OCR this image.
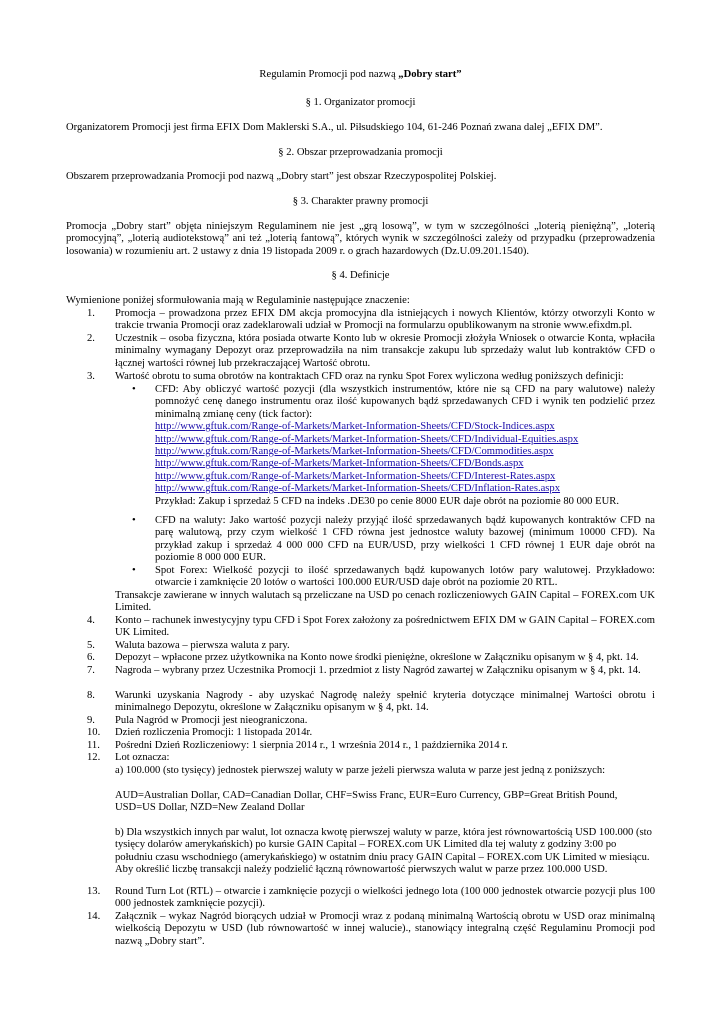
Regulamin Promocji pod nazwą „Dobry start”
§ 1. Organizator promocji
Organizatorem Promocji jest firma EFIX Dom Maklerski S.A., ul. Piłsudskiego 104, 61-246 Poznań zwana dalej „EFIX DM”.
§ 2. Obszar przeprowadzania promocji
Obszarem przeprowadzania Promocji pod nazwą „Dobry start” jest obszar Rzeczypospolitej Polskiej.
§ 3. Charakter prawny promocji
Promocja „Dobry start” objęta niniejszym Regulaminem nie jest „grą losową”, w tym w szczególności „loterią pieniężną”, „loterią promocyjną”, „loterią audiotekstową” ani też „loterią fantową”, których wynik w szczególności zależy od przypadku (przeprowadzenia losowania) w rozumieniu art. 2 ustawy z dnia 19 listopada 2009 r. o grach hazardowych (Dz.U.09.201.1540).
§ 4. Definicje
Wymienione poniżej sformułowania mają w Regulaminie następujące znaczenie:
1.	Promocja – prowadzona przez EFIX DM akcja promocyjna dla istniejących i nowych Klientów, którzy otworzyli Konto w trakcie trwania Promocji oraz zadeklarowali udział w Promocji na formularzu opublikowanym na stronie www.efixdm.pl.
2.	Uczestnik – osoba fizyczna, która posiada otwarte Konto lub w okresie Promocji złożyła Wniosek o otwarcie Konta, wpłaciła minimalny wymagany Depozyt oraz przeprowadziła na nim transakcje zakupu lub sprzedaży walut lub kontraktów CFD o łącznej wartości równej lub przekraczającej Wartość obrotu.
3.	Wartość obrotu to suma obrotów na kontraktach CFD oraz na rynku Spot Forex wyliczona według poniższych definicji:
•	CFD: Aby obliczyć wartość pozycji (dla wszystkich instrumentów, które nie są CFD na pary walutowe) należy pomnożyć cenę danego instrumentu oraz ilość kupowanych bądź sprzedawanych CFD i wynik ten podzielić przez minimalną zmianę ceny (tick factor):
http://www.gftuk.com/Range-of-Markets/Market-Information-Sheets/CFD/Stock-Indices.aspx
http://www.gftuk.com/Range-of-Markets/Market-Information-Sheets/CFD/Individual-Equities.aspx
http://www.gftuk.com/Range-of-Markets/Market-Information-Sheets/CFD/Commodities.aspx
http://www.gftuk.com/Range-of-Markets/Market-Information-Sheets/CFD/Bonds.aspx
http://www.gftuk.com/Range-of-Markets/Market-Information-Sheets/CFD/Interest-Rates.aspx
http://www.gftuk.com/Range-of-Markets/Market-Information-Sheets/CFD/Inflation-Rates.aspx
Przykład: Zakup i sprzedaż 5 CFD na indeks .DE30 po cenie 8000 EUR daje obrót na poziomie 80 000 EUR.
•	CFD na waluty: Jako wartość pozycji należy przyjąć ilość sprzedawanych bądź kupowanych kontraktów CFD na parę walutową, przy czym wielkość 1 CFD równa jest jednostce waluty bazowej (minimum 10000 CFD). Na przykład zakup i sprzedaż 4 000 000 CFD na EUR/USD, przy wielkości 1 CFD równej 1 EUR daje obrót na poziomie 8 000 000 EUR.
•	Spot Forex: Wielkość pozycji to ilość sprzedawanych bądź kupowanych lotów pary walutowej. Przykładowo: otwarcie i zamknięcie 20 lotów o wartości 100.000 EUR/USD daje obrót na poziomie 20 RTL.
Transakcje zawierane w innych walutach są przeliczane na USD po cenach rozliczeniowych GAIN Capital – FOREX.com UK Limited.
4.	Konto – rachunek inwestycyjny typu CFD i Spot Forex założony za pośrednictwem EFIX DM w GAIN Capital – FOREX.com UK Limited.
5.	Waluta bazowa – pierwsza waluta z pary.
6.	Depozyt – wpłacone przez użytkownika na Konto nowe środki pieniężne, określone w Załączniku opisanym w § 4, pkt. 14.
7.	Nagroda – wybrany przez Uczestnika Promocji 1. przedmiot z listy Nagród zawartej w Załączniku opisanym w § 4, pkt. 14.
8.	Warunki uzyskania Nagrody - aby uzyskać Nagrodę należy spełnić kryteria dotyczące minimalnej Wartości obrotu i minimalnego Depozytu, określone w Załączniku opisanym w § 4, pkt. 14.
9.	Pula Nagród w Promocji jest nieograniczona.
10.	Dzień rozliczenia Promocji: 1 listopada 2014r.
11.	Pośredni Dzień Rozliczeniowy: 1 sierpnia 2014 r., 1 września 2014 r., 1 października 2014 r.
12.	Lot oznacza:
a) 100.000 (sto tysięcy) jednostek pierwszej waluty w parze jeżeli pierwsza waluta w parze jest jedną z poniższych:
AUD=Australian Dollar, CAD=Canadian Dollar, CHF=Swiss Franc, EUR=Euro Currency, GBP=Great British Pound, USD=US Dollar, NZD=New Zealand Dollar
b) Dla wszystkich innych par walut, lot oznacza kwotę pierwszej waluty w parze, która jest równowartością USD 100.000 (sto tysięcy dolarów amerykańskich) po kursie GAIN Capital – FOREX.com UK Limited dla tej waluty z godziny 3:00 po południu czasu wschodniego (amerykańskiego) w ostatnim dniu pracy GAIN Capital – FOREX.com UK Limited w miesiącu. Aby określić liczbę transakcji należy podzielić łączną równowartość pierwszych walut w parze przez 100.000 USD.
13.	Round Turn Lot (RTL) – otwarcie i zamknięcie pozycji o wielkości jednego lota (100 000 jednostek otwarcie pozycji plus 100 000 jednostek zamknięcie pozycji).
14.	Załącznik – wykaz Nagród biorących udział w Promocji wraz z podaną minimalną Wartością obrotu w USD oraz minimalną wielkością Depozytu w USD (lub równowartość w innej walucie)., stanowiący integralną część Regulaminu Promocji pod nazwą „Dobry start”.
